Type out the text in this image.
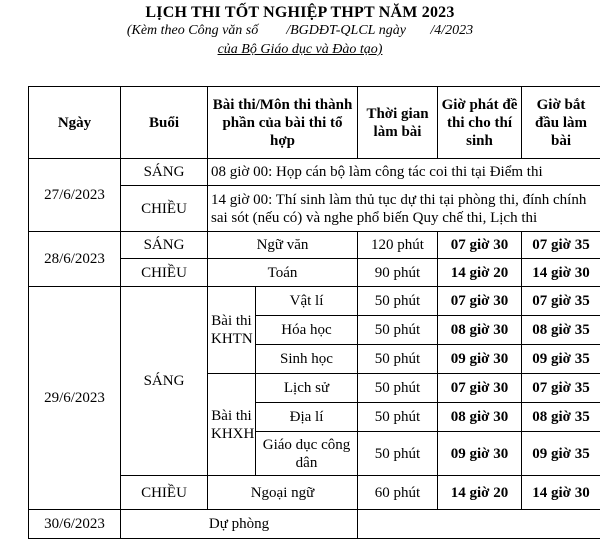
LỊCH THI TỐT NGHIỆP THPT NĂM 2023
(Kèm theo Công văn số        /BGDĐT-QLCL ngày       /4/2023
của Bộ Giáo dục và Đào tạo)
Ngày	Buổi	Bài thi/Môn thi thành phần của bài thi tổ hợp		Thời gian làm bài	Giờ phát đề thi cho thí sinh	Giờ bắt đầu làm bài
27/6/2023	SÁNG	08 giờ 00: Họp cán bộ làm công tác coi thi tại Điểm thi				
	CHIỀU	14 giờ 00: Thí sinh làm thủ tục dự thi tại phòng thi, đính chính sai sót (nếu có) và nghe phổ biến Quy chế thi, Lịch thi				
28/6/2023	SÁNG	Ngữ văn		120 phút	07 giờ 30	07 giờ 35
	CHIỀU	Toán		90 phút	14 giờ 20	14 giờ 30
29/6/2023	SÁNG	Bài thi KHTN	Vật lí	50 phút	07 giờ 30	07 giờ 35
			Hóa học	50 phút	08 giờ 30	08 giờ 35
			Sinh học	50 phút	09 giờ 30	09 giờ 35
		Bài thi KHXH	Lịch sử	50 phút	07 giờ 30	07 giờ 35
			Địa lí	50 phút	08 giờ 30	08 giờ 35
			Giáo dục công dân	50 phút	09 giờ 30	09 giờ 35
	CHIỀU	Ngoại ngữ		60 phút	14 giờ 20	14 giờ 30
30/6/2023	Dự phòng					
